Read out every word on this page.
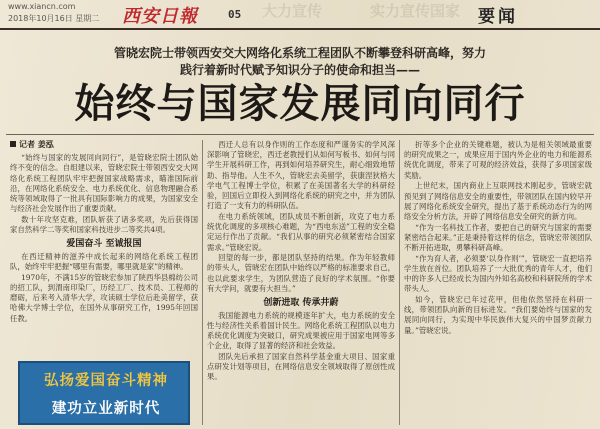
www.xiancn.com
2018年10月16日 星期二 西安日報	05 大力宣传	实力宣传国家 要闻
管晓宏院士带领西安交大网络化系统工程团队不断攀登科研高峰，努力
践行着新时代赋予知识分子的使命和担当——
始终与国家发展同向同行
记者 姜泓

“始终与国家的发展同向同行”，是管晓宏院士团队始终不变的信念。自组建以来，管晓宏院士带领西安交大网络化系统工程团队牢牢把握国家战略需求，瞄准国际前沿，在网络化系统安全、电力系统优化、信息物理融合系统等领域取得了一批具有国际影响力的成果，为国家安全与经济社会发展作出了重要贡献。

数十年攻坚克难，团队斩获了诸多奖项，先后获得国家自然科学二等奖和国家科技进步二等奖共4项。

爱国奋斗 至诚报国

在西迁精神的滋养中成长起来的网络化系统工程团队，始终牢牢把握“哪里有需要，哪里就是家”的精神。

1970年，不满15岁的管晓宏参加了陕西华县棉纺公司的招工队，到渭南印染厂，历经工厂、技术员、工程师的磨砺，后来考入清华大学，攻读硕士学位后赴美留学，获哈佛大学博士学位，在国外从事研究工作，1995年回国任教。

弘扬爱国奋斗精神
建功立业新时代

西迁人总有以身作则的工作态度和严谨务实的学风深深影响了管晓宏，西迁老教授们从如何写板书、如何与同学生开展科研工作，再到如何培养研究生，耐心细致地帮助、指导他。人生不久，管晓宏去美留学，获康涅狄格大学电气工程博士学位，积累了在美国著名大学的科研经验，回国后立即投入到网络化系统的研究之中，并为团队打造了一支有力的科研队伍。

在电力系统领域，团队成员不断创新，攻克了电力系统优化调度的多项核心难题，为“西电东送”工程的安全稳定运行作出了贡献。“我们从事的研究必须紧密结合国家需求。”管晓宏说。

回望的每一步，都是团队坚持的结果。作为年轻教师的带头人，管晓宏在团队中始终以严格的标准要求自己，也以此要求学生，为团队营造了良好的学术氛围。“你要有大学问，就要有大担当。”

创新进取 传承井蔚

我国能源电力系统的规模逐年扩大，电力系统的安全性与经济性关系着国计民生。网络化系统工程团队以电力系统优化调度为突破口，研究成果被应用于国家电网等多个企业，取得了显著的经济和社会效益。

团队先后承担了国家自然科学基金重大项目、国家重点研发计划等项目，在网络信息安全领域取得了原创性成果。

折等多个企业的关键难题，被认为是相关领域最重要的研究成果之一，成果应用于国内外企业的电力和能源系统优化调度，带来了可观的经济效益，获得了多项国家级奖励。

上世纪末，国内商业上互联网技术刚起步，管晓宏就预见到了网络信息安全的重要性，带领团队在国内较早开展了网络化系统安全研究，提出了基于系统动态行为的网络安全分析方法，开辟了网络信息安全研究的新方向。

“作为一名科技工作者，要把自己的研究与国家的需要紧密结合起来。”正是秉持着这样的信念，管晓宏带领团队不断开拓进取，勇攀科研高峰。

“作为育人者，必须要‘以身作则’”，管晓宏一直把培养学生放在首位。团队培养了一大批优秀的青年人才，他们中的许多人已经成长为国内外知名高校和科研院所的学术带头人。

如今，管晓宏已年过花甲，但他依然坚持在科研一线，带领团队向新的目标进发。“我们要始终与国家的发展同向同行，为实现中华民族伟大复兴的中国梦贡献力量。”管晓宏说。
